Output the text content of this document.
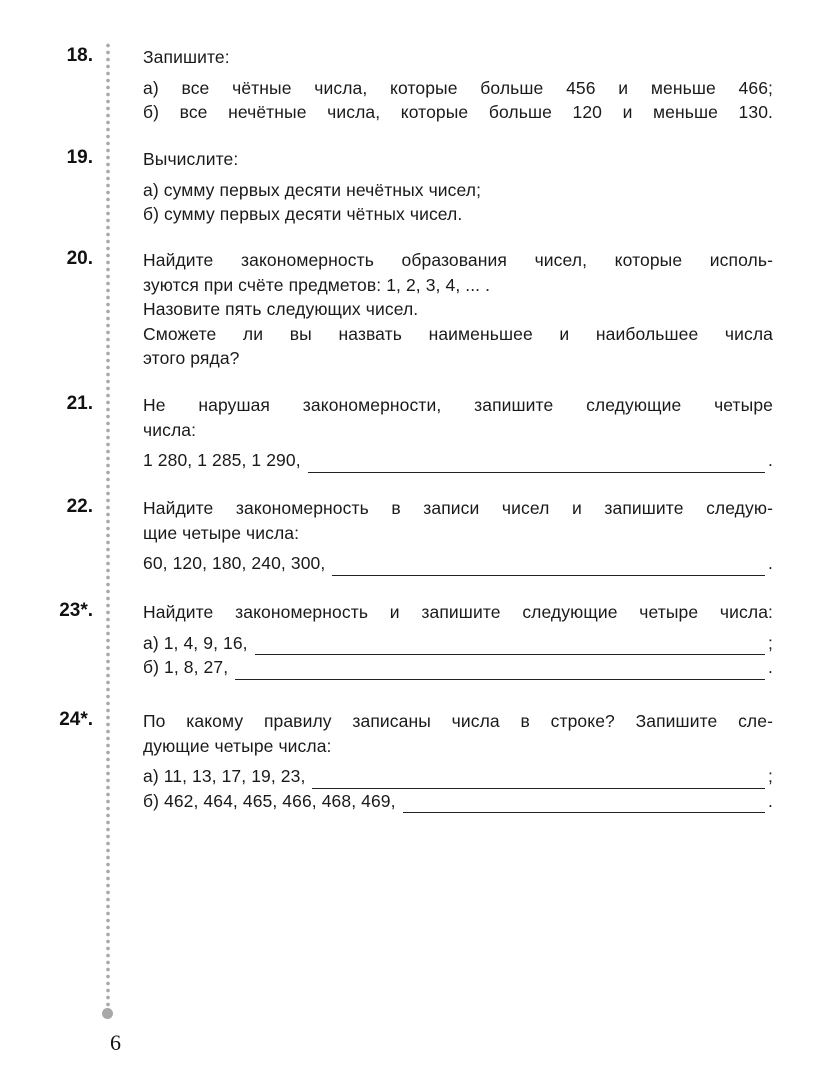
18.	Запишите:
а) все чётные числа, которые больше 456 и меньше 466;
б) все нечётные числа, которые больше 120 и меньше 130.
19.	Вычислите:
а) сумму первых десяти нечётных чисел;
б) сумму первых десяти чётных чисел.
20.	Найдите закономерность образования чисел, которые исполь-
зуются при счёте предметов: 1, 2, 3, 4, ... .
Назовите пять следующих чисел.
Сможете ли вы назвать наименьшее и наибольшее числа
этого ряда?
21.	Не нарушая закономерности, запишите следующие четыре
числа:
1 280, 1 285, 1 290,	.
22.	Найдите закономерность в записи чисел и запишите следую-
щие четыре числа:
60, 120, 180, 240, 300,	.
23*.	Найдите закономерность и запишите следующие четыре числа:
а) 1, 4, 9, 16,	;
б) 1, 8, 27,	.
24*.	По какому правилу записаны числа в строке? Запишите сле-
дующие четыре числа:
а) 11, 13, 17, 19, 23,	;
б) 462, 464, 465, 466, 468, 469,	.
6
